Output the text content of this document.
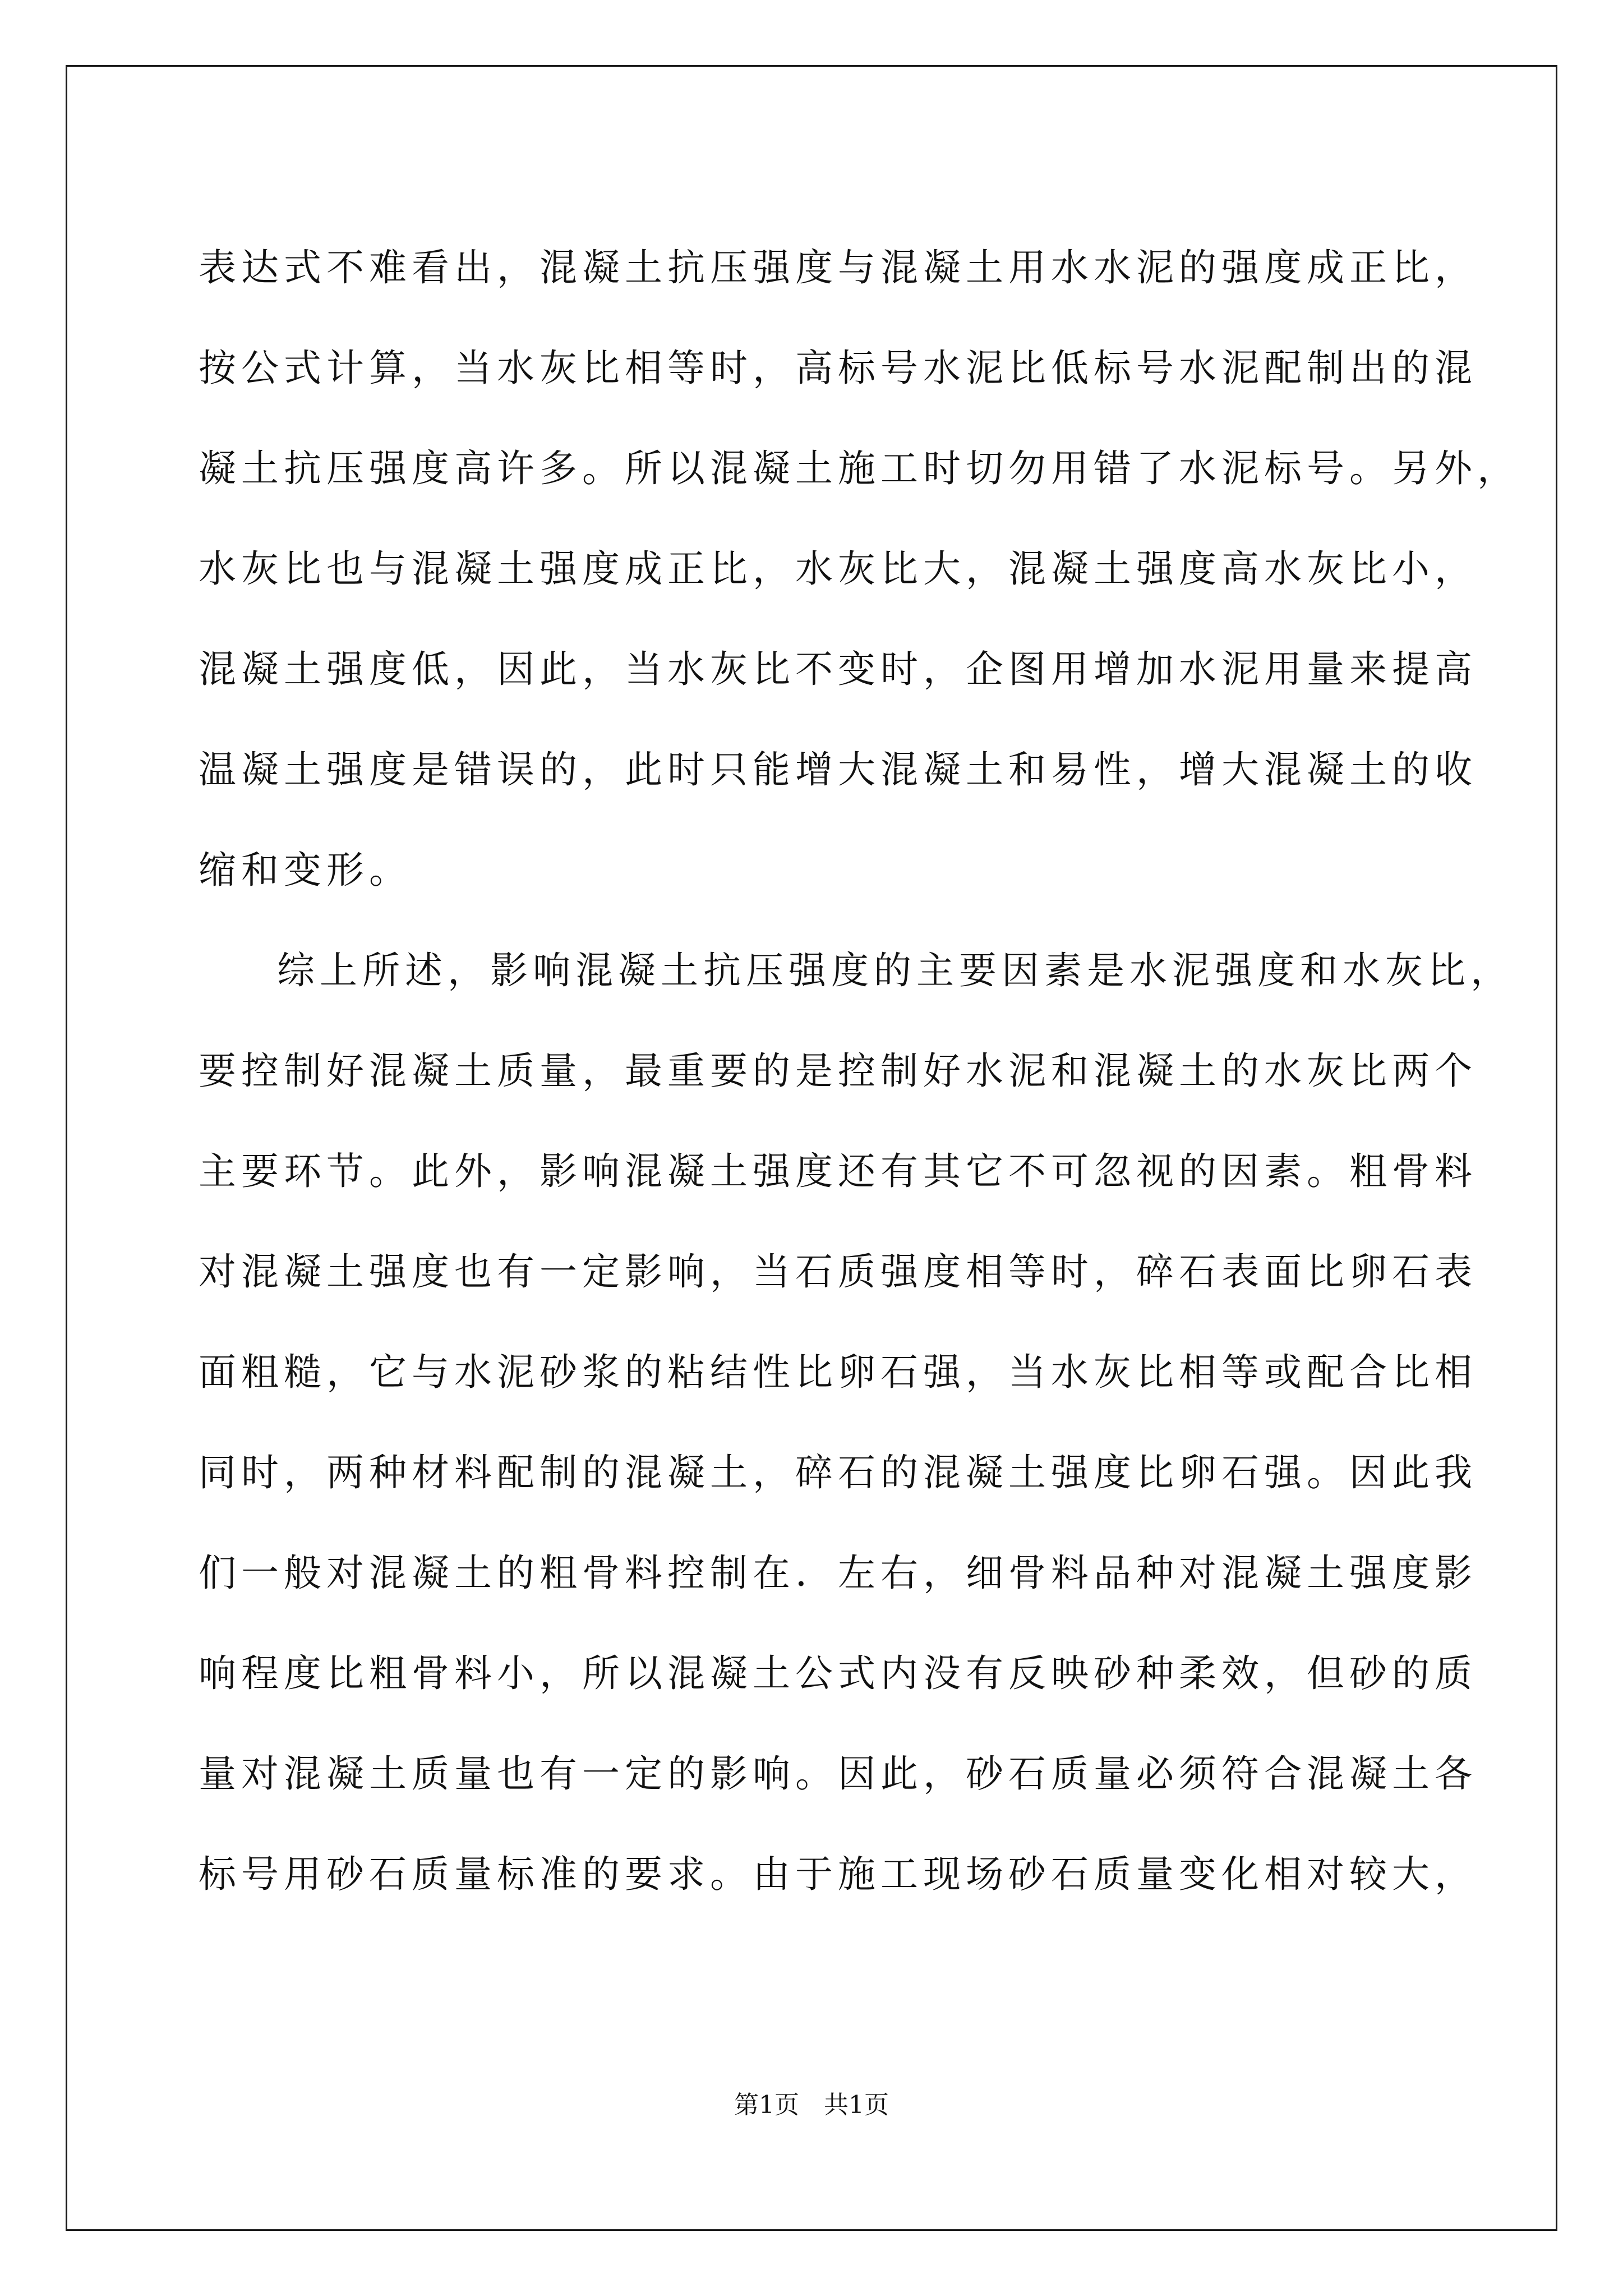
表达式不难看出，混凝土抗压强度与混凝土用水水泥的强度成正比，
按公式计算，当水灰比相等时，高标号水泥比低标号水泥配制出的混
凝土抗压强度高许多。所以混凝土施工时切勿用错了水泥标号。另外，
水灰比也与混凝土强度成正比，水灰比大，混凝土强度高水灰比小，
混凝土强度低，因此，当水灰比不变时，企图用增加水泥用量来提高
温凝土强度是错误的，此时只能增大混凝土和易性，增大混凝土的收
缩和变形。
综上所述，影响混凝土抗压强度的主要因素是水泥强度和水灰比，
要控制好混凝土质量，最重要的是控制好水泥和混凝土的水灰比两个
主要环节。此外，影响混凝土强度还有其它不可忽视的因素。粗骨料
对混凝土强度也有一定影响，当石质强度相等时，碎石表面比卵石表
面粗糙，它与水泥砂浆的粘结性比卵石强，当水灰比相等或配合比相
同时，两种材料配制的混凝土，碎石的混凝土强度比卵石强。因此我
们一般对混凝土的粗骨料控制在．左右，细骨料品种对混凝土强度影
响程度比粗骨料小，所以混凝土公式内没有反映砂种柔效，但砂的质
量对混凝土质量也有一定的影响。因此，砂石质量必须符合混凝土各
标号用砂石质量标准的要求。由于施工现场砂石质量变化相对较大，
第1页　共1页
